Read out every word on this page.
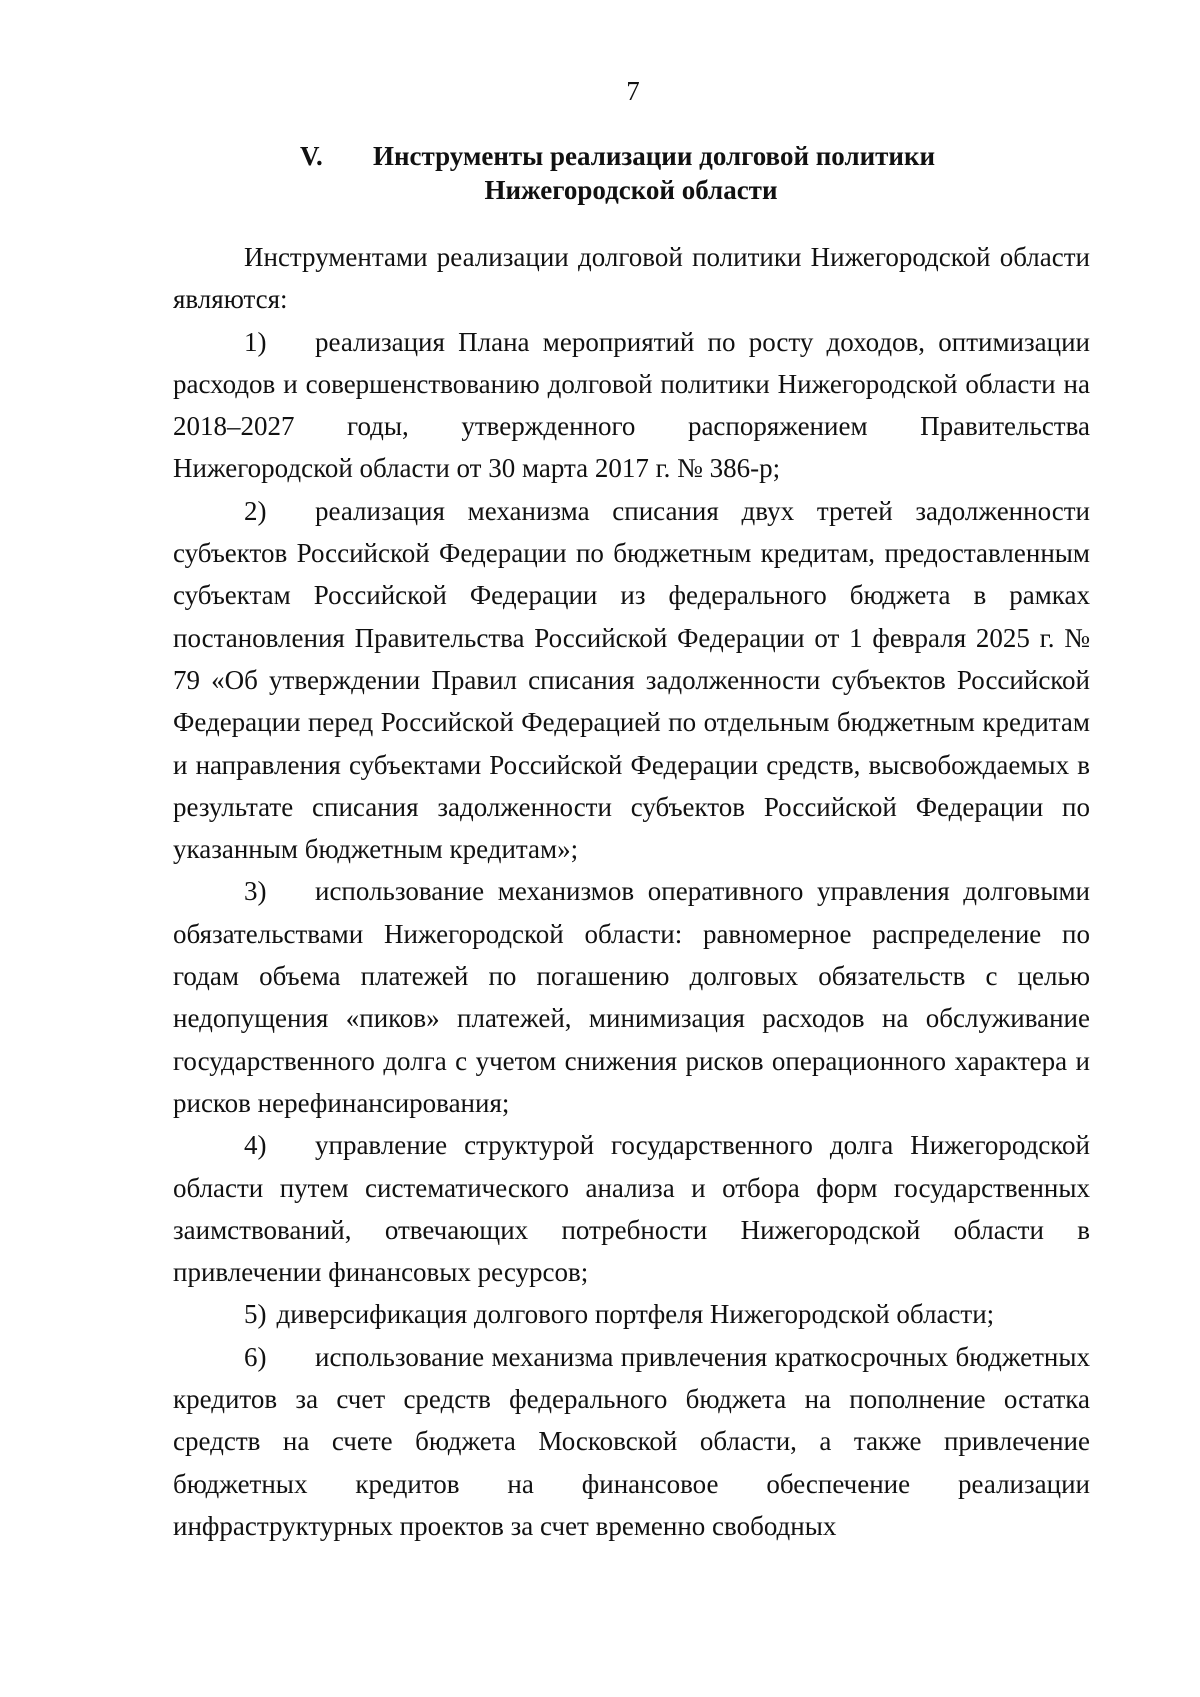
7
V. Инструменты реализации долговой политики
Нижегородской области

Инструментами реализации долговой политики Нижегородской области являются:

1) реализация Плана мероприятий по росту доходов, оптимизации расходов и совершенствованию долговой политики Нижегородской области на 2018–2027 годы, утвержденного распоряжением Правительства Нижегородской области от 30 марта 2017 г. № 386-р;

2) реализация механизма списания двух третей задолженности субъектов Российской Федерации по бюджетным кредитам, предоставленным субъектам Российской Федерации из федерального бюджета в рамках постановления Правительства Российской Федерации от 1 февраля 2025 г. № 79 «Об утверждении Правил списания задолженности субъектов Российской Федерации перед Российской Федерацией по отдельным бюджетным кредитам и направления субъектами Российской Федерации средств, высвобождаемых в результате списания задолженности субъектов Российской Федерации по указанным бюджетным кредитам»;

3) использование механизмов оперативного управления долговыми обязательствами Нижегородской области: равномерное распределение по годам объема платежей по погашению долговых обязательств с целью недопущения «пиков» платежей, минимизация расходов на обслуживание государственного долга с учетом снижения рисков операционного характера и рисков нерефинансирования;

4) управление структурой государственного долга Нижегородской области путем систематического анализа и отбора форм государственных заимствований, отвечающих потребности Нижегородской области в привлечении финансовых ресурсов;

5) диверсификация долгового портфеля Нижегородской области;

6) использование механизма привлечения краткосрочных бюджетных кредитов за счет средств федерального бюджета на пополнение остатка средств на счете бюджета Московской области, а также привлечение бюджетных кредитов на финансовое обеспечение реализации инфраструктурных проектов за счет временно свободных
